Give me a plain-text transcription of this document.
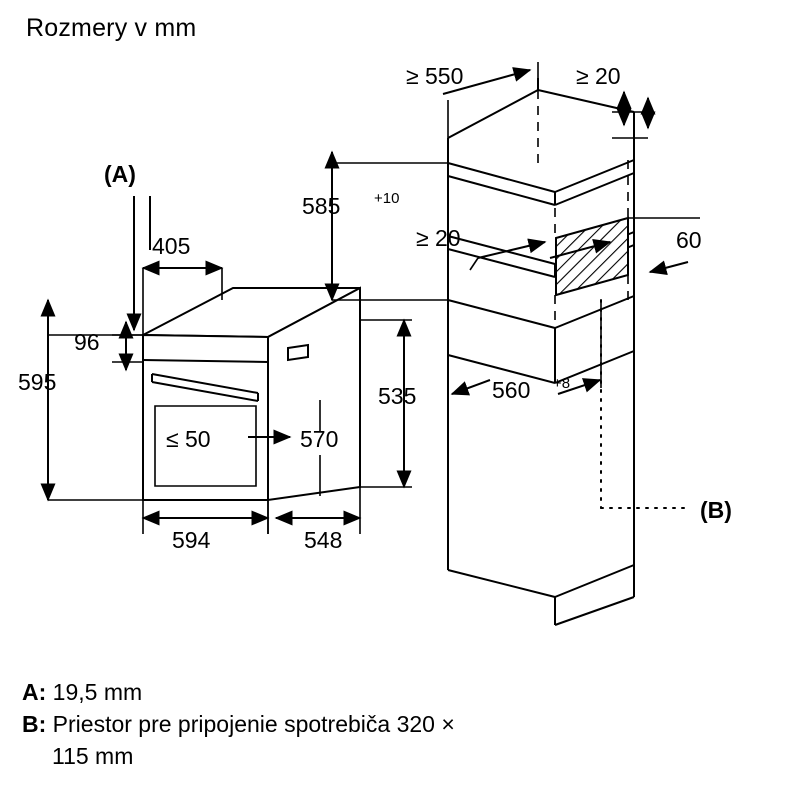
Rozmery v mm
(A)
405
96
595
≤ 50	570
594	548
535
≥ 550	≥ 20
585 +10
≥ 20	60
560 +8
(B)
A: 19,5 mm
B: Priestor pre pripojenie spotrebiča 320 ×
115 mm
